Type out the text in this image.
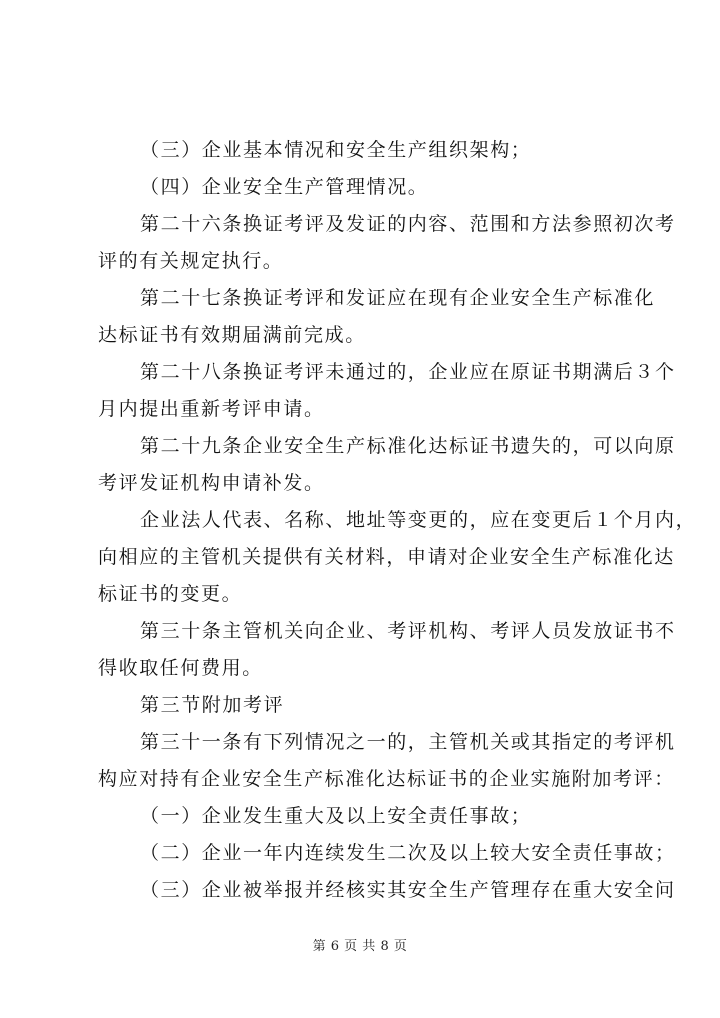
（三）企业基本情况和安全生产组织架构；
（四）企业安全生产管理情况。
第二十六条换证考评及发证的内容、范围和方法参照初次考
评的有关规定执行。
第二十七条换证考评和发证应在现有企业安全生产标准化
达标证书有效期届满前完成。
第二十八条换证考评未通过的，企业应在原证书期满后３个
月内提出重新考评申请。
第二十九条企业安全生产标准化达标证书遗失的，可以向原
考评发证机构申请补发。
企业法人代表、名称、地址等变更的，应在变更后１个月内，
向相应的主管机关提供有关材料，申请对企业安全生产标准化达
标证书的变更。
第三十条主管机关向企业、考评机构、考评人员发放证书不
得收取任何费用。
第三节附加考评
第三十一条有下列情况之一的，主管机关或其指定的考评机
构应对持有企业安全生产标准化达标证书的企业实施附加考评：
（一）企业发生重大及以上安全责任事故；
（二）企业一年内连续发生二次及以上较大安全责任事故；
（三）企业被举报并经核实其安全生产管理存在重大安全问
第 6 页 共 8 页
